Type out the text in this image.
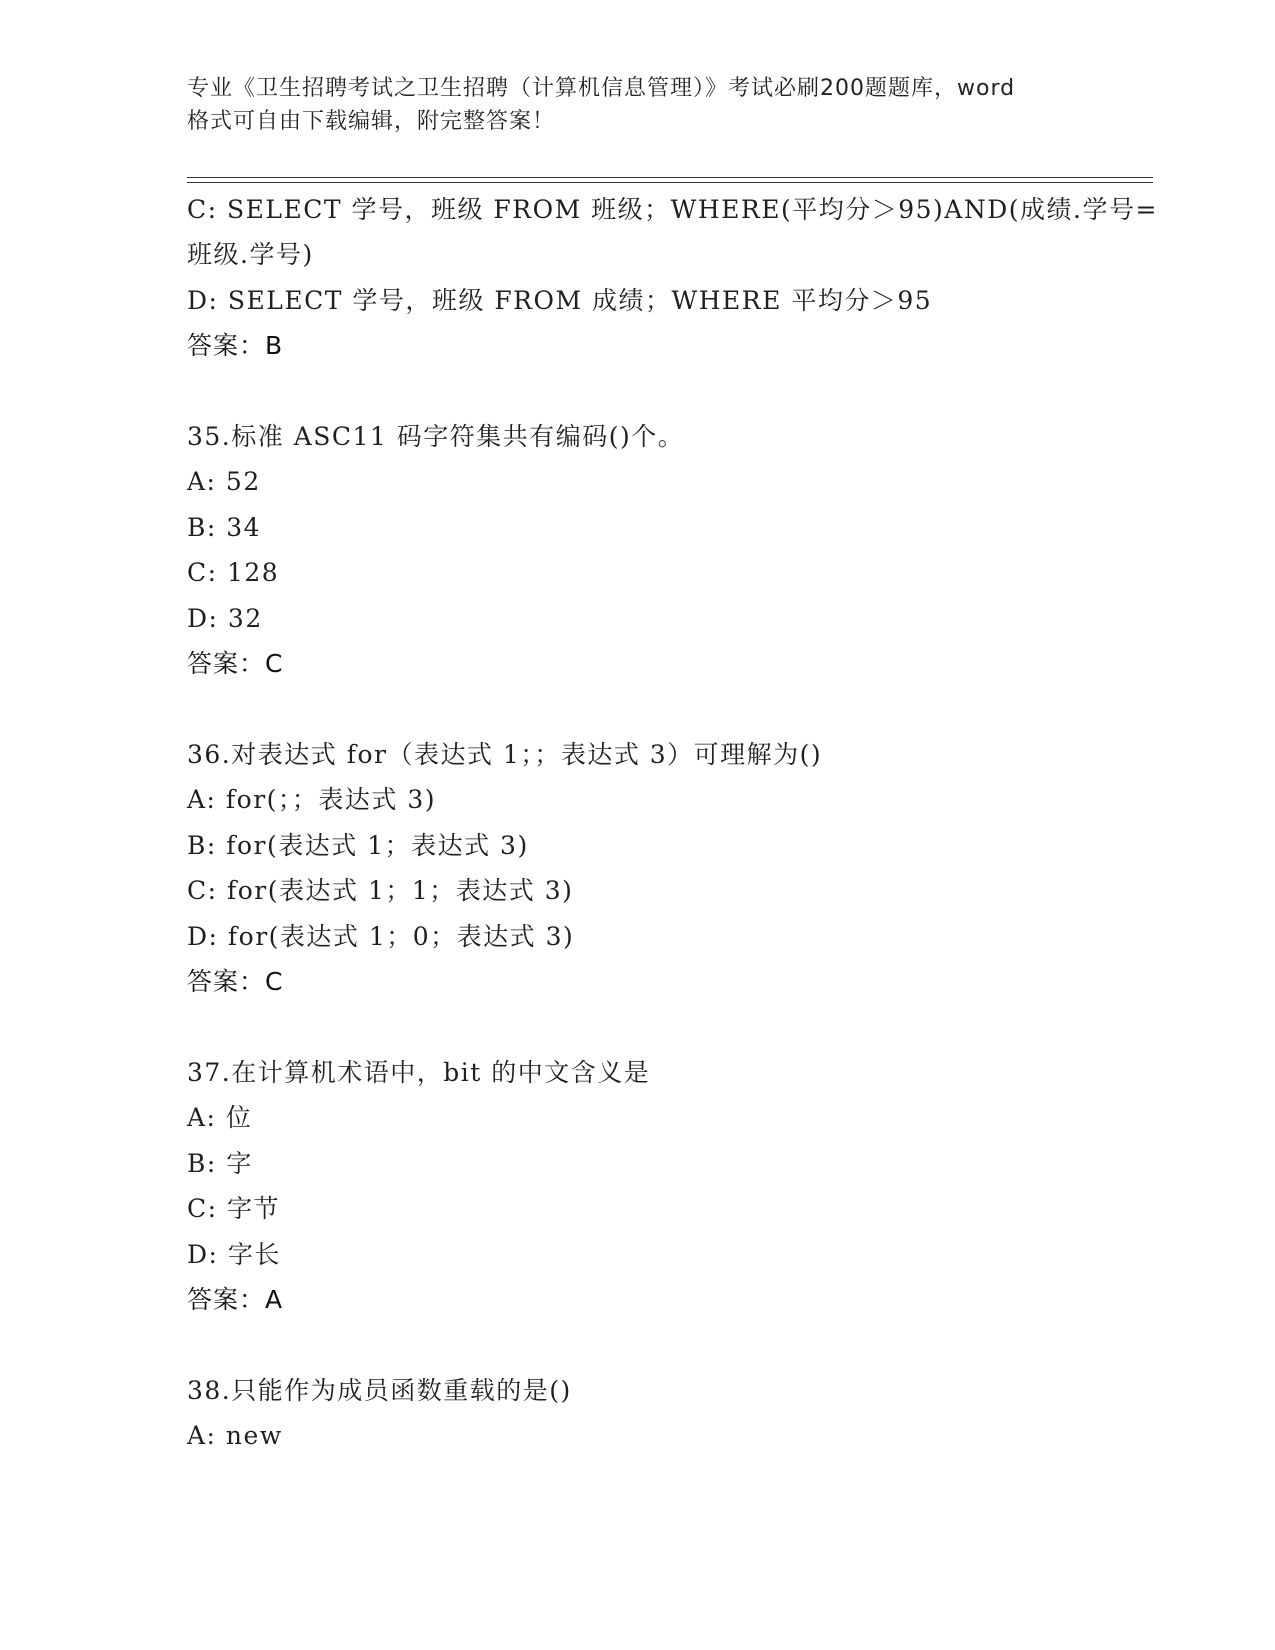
专业《卫生招聘考试之卫生招聘（计算机信息管理）》考试必刷200题题库，word
格式可自由下载编辑，附完整答案！
C: SELECT 学号，班级 FROM 班级；WHERE(平均分＞95)AND(成绩.学号=
班级.学号)
D: SELECT 学号，班级 FROM 成绩；WHERE 平均分＞95
答案：B
35.标准 ASC11 码字符集共有编码()个。
A: 52
B: 34
C: 128
D: 32
答案：C
36.对表达式 for（表达式 1；；表达式 3）可理解为()
A: for(；；表达式 3)
B: for(表达式 1；表达式 3)
C: for(表达式 1；1；表达式 3)
D: for(表达式 1；0；表达式 3)
答案：C
37.在计算机术语中，bit 的中文含义是
A: 位
B: 字
C: 字节
D: 字长
答案：A
38.只能作为成员函数重载的是()
A: new
